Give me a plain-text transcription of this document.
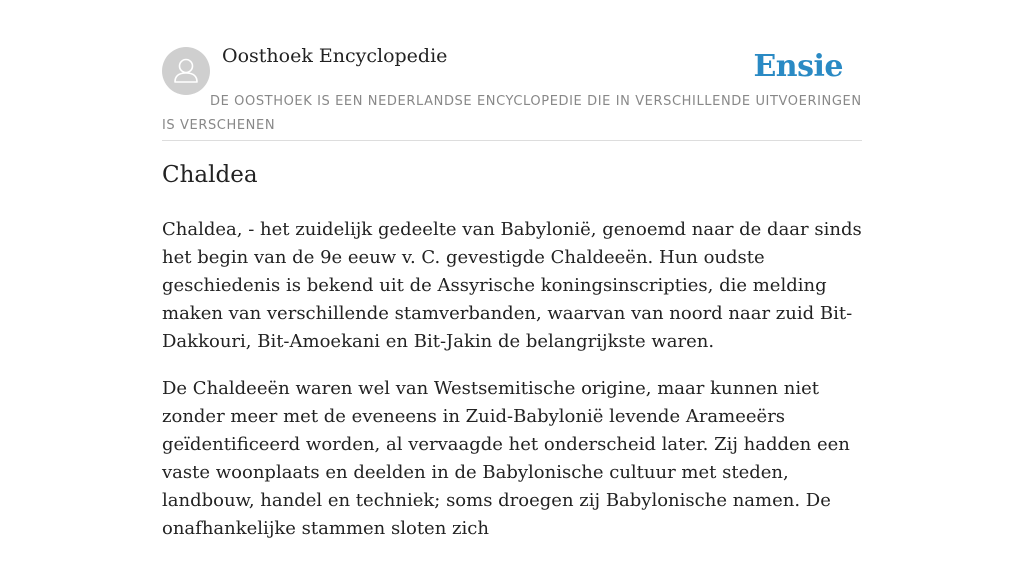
Oosthoek Encyclopedie	Ensie

DE OOSTHOEK IS EEN NEDERLANDSE ENCYCLOPEDIE DIE IN VERSCHILLENDE UITVOERINGEN IS VERSCHENEN

Chaldea

Chaldea, - het zuidelijk gedeelte van Babylonië, genoemd naar de daar sinds het begin van de 9e eeuw v. C. gevestigde Chaldeeën. Hun oudste geschiedenis is bekend uit de Assyrische koningsinscripties, die melding maken van verschillende stamverbanden, waarvan van noord naar zuid Bit-Dakkouri, Bit-Amoekani en Bit-Jakin de belangrijkste waren.

De Chaldeeën waren wel van Westsemitische origine, maar kunnen niet zonder meer met de eveneens in Zuid-Babylonië levende Arameeërs geïdentificeerd worden, al vervaagde het onderscheid later. Zij hadden een vaste woonplaats en deelden in de Babylonische cultuur met steden, landbouw, handel en techniek; soms droegen zij Babylonische namen. De onafhankelijke stammen sloten zich
